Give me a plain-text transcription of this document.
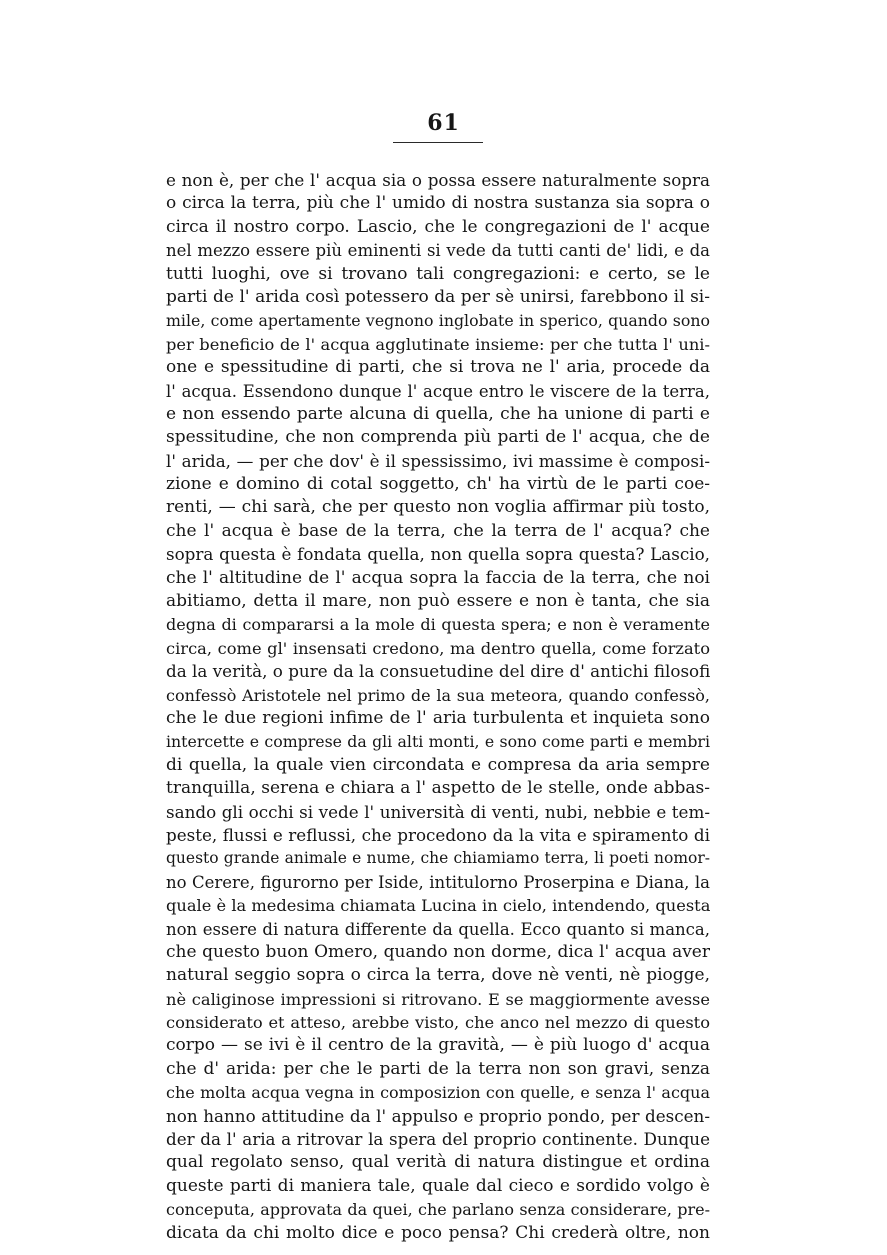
61
e non è, per che l' acqua sia o possa essere naturalmente sopra
o circa la terra, più che l' umido di nostra sustanza sia sopra o
circa il nostro corpo. Lascio, che le congregazioni de l' acque
nel mezzo essere più eminenti si vede da tutti canti de' lidi, e da
tutti luoghi, ove si trovano tali congregazioni: e certo, se le
parti de l' arida così potessero da per sè unirsi, farebbono il si-
mile, come apertamente vegnono inglobate in sperico, quando sono
per beneficio de l' acqua agglutinate insieme: per che tutta l' uni-
one e spessitudine di parti, che si trova ne l' aria, procede da
l' acqua. Essendono dunque l' acque entro le viscere de la terra,
e non essendo parte alcuna di quella, che ha unione di parti e
spessitudine, che non comprenda più parti de l' acqua, che de
l' arida, — per che dov' è il spessissimo, ivi massime è composi-
zione e domino di cotal soggetto, ch' ha virtù de le parti coe-
renti, — chi sarà, che per questo non voglia affirmar più tosto,
che l' acqua è base de la terra, che la terra de l' acqua? che
sopra questa è fondata quella, non quella sopra questa? Lascio,
che l' altitudine de l' acqua sopra la faccia de la terra, che noi
abitiamo, detta il mare, non può essere e non è tanta, che sia
degna di compararsi a la mole di questa spera; e non è veramente
circa, come gl' insensati credono, ma dentro quella, come forzato
da la verità, o pure da la consuetudine del dire d' antichi filosofi
confessò Aristotele nel primo de la sua meteora, quando confessò,
che le due regioni infime de l' aria turbulenta et inquieta sono
intercette e comprese da gli alti monti, e sono come parti e membri
di quella, la quale vien circondata e compresa da aria sempre
tranquilla, serena e chiara a l' aspetto de le stelle, onde abbas-
sando gli occhi si vede l' università di venti, nubi, nebbie e tem-
peste, flussi e reflussi, che procedono da la vita e spiramento di
questo grande animale e nume, che chiamiamo terra, li poeti nomor-
no Cerere, figurorno per Iside, intitulorno Proserpina e Diana, la
quale è la medesima chiamata Lucina in cielo, intendendo, questa
non essere di natura differente da quella. Ecco quanto si manca,
che questo buon Omero, quando non dorme, dica l' acqua aver
natural seggio sopra o circa la terra, dove nè venti, nè piogge,
nè caliginose impressioni si ritrovano. E se maggiormente avesse
considerato et atteso, arebbe visto, che anco nel mezzo di questo
corpo — se ivi è il centro de la gravità, — è più luogo d' acqua
che d' arida: per che le parti de la terra non son gravi, senza
che molta acqua vegna in composizion con quelle, e senza l' acqua
non hanno attitudine da l' appulso e proprio pondo, per descen-
der da l' aria a ritrovar la spera del proprio continente. Dunque
qual regolato senso, qual verità di natura distingue et ordina
queste parti di maniera tale, quale dal cieco e sordido volgo è
conceputa, approvata da quei, che parlano senza considerare, pre-
dicata da chi molto dice e poco pensa? Chi crederà oltre, non
